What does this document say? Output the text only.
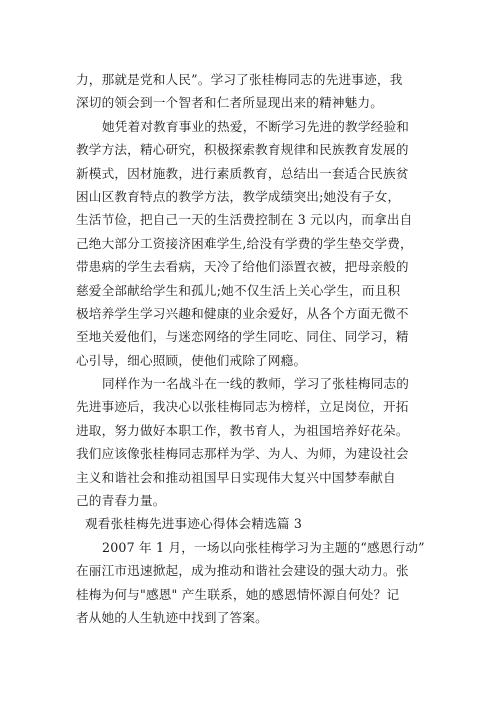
力，那就是党和人民”。学习了张桂梅同志的先进事迹，我
深切的领会到一个智者和仁者所显现出来的精神魅力。
她凭着对教育事业的热爱，不断学习先进的教学经验和
教学方法，精心研究，积极探索教育规律和民族教育发展的
新模式，因材施教，进行素质教育，总结出一套适合民族贫
困山区教育特点的教学方法，教学成绩突出;她没有子女，
生活节俭，把自己一天的生活费控制在 3 元以内，而拿出自
己绝大部分工资接济困难学生,给没有学费的学生垫交学费，
带患病的学生去看病，天冷了给他们添置衣被，把母亲般的
慈爱全部献给学生和孤儿;她不仅生活上关心学生，而且积
极培养学生学习兴趣和健康的业余爱好，从各个方面无微不
至地关爱他们，与迷恋网络的学生同吃、同住、同学习，精
心引导，细心照顾，使他们戒除了网瘾。
同样作为一名战斗在一线的教师，学习了张桂梅同志的
先进事迹后，我决心以张桂梅同志为榜样，立足岗位，开拓
进取，努力做好本职工作，教书育人，为祖国培养好花朵。
我们应该像张桂梅同志那样为学、为人、为师，为建设社会
主义和谐社会和推动祖国早日实现伟大复兴中国梦奉献自
己的青春力量。
观看张桂梅先进事迹心得体会精选篇 3
2007 年 1 月，一场以向张桂梅学习为主题的“感恩行动”
在丽江市迅速掀起，成为推动和谐社会建设的强大动力。张
桂梅为何与"感恩" 产生联系，她的感恩情怀源自何处？记
者从她的人生轨迹中找到了答案。
